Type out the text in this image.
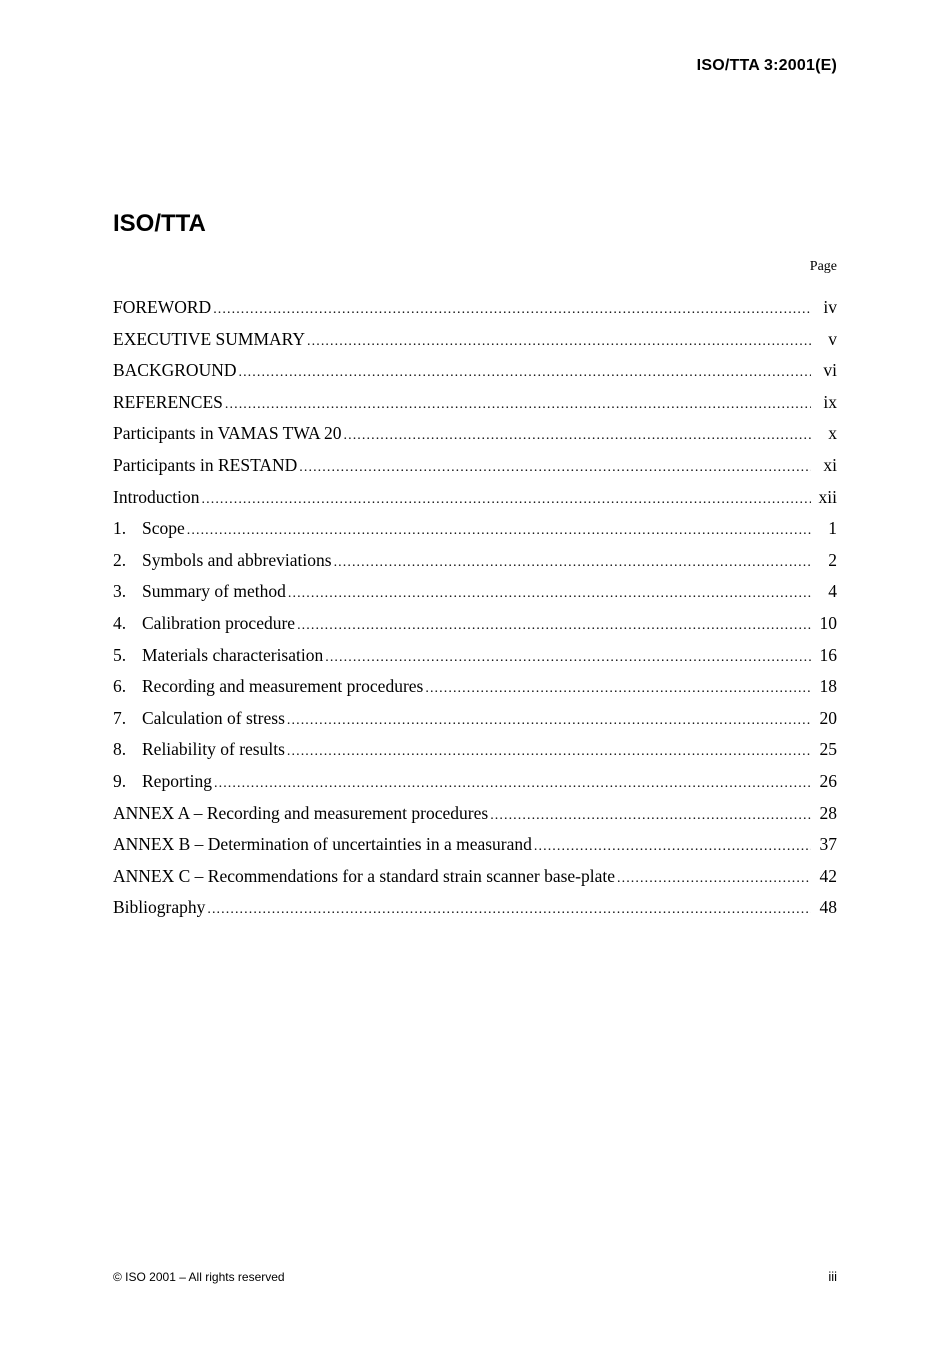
ISO/TTA 3:2001(E)
ISO/TTA
Page
FOREWORD .....	iv
EXECUTIVE SUMMARY .....	v
BACKGROUND .....	vi
REFERENCES .....	ix
Participants in VAMAS TWA 20 .....	x
Participants in RESTAND .....	xi
Introduction .....	xii
1. Scope .....	1
2. Symbols and abbreviations .....	2
3. Summary of method .....	4
4. Calibration procedure .....	10
5. Materials characterisation .....	16
6. Recording and measurement procedures .....	18
7. Calculation of stress .....	20
8. Reliability of results .....	25
9. Reporting .....	26
ANNEX A – Recording and measurement procedures .....	28
ANNEX B – Determination of uncertainties in a measurand .....	37
ANNEX C – Recommendations for a standard strain scanner base-plate .....	42
Bibliography .....	48
© ISO 2001 – All rights reserved	iii
